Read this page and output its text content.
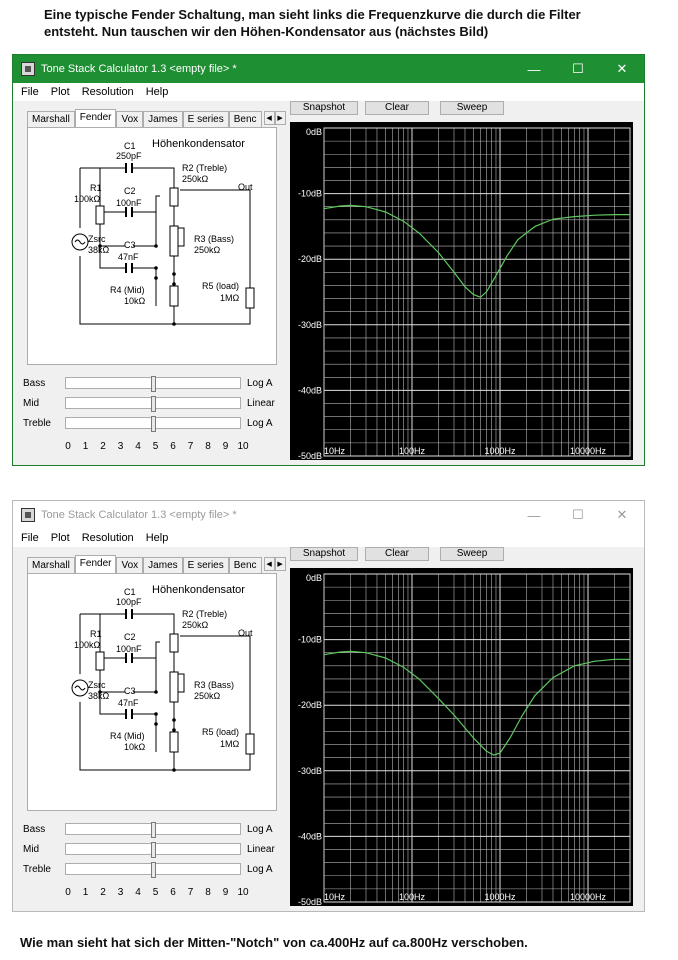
Eine typische Fender Schaltung, man sieht links die Frequenzkurve die durch die Filter entsteht. Nun tauschen wir den Höhen-Kondensator aus (nächstes Bild)
Tone Stack Calculator 1.3 <empty file> *	—	☐	✕
File Plot Resolution Help
Marshall	Fender	Vox	James	E series	Benc	◀ ▶
Snapshot	Clear	Sweep
Höhenkondensator
C1
250pF
R2 (Treble)
250kΩ
Out
R1
100kΩ
C2
100nF
R3 (Bass)
250kΩ
Zsrc
38kΩ C3
47nF
R4 (Mid)
10kΩ
R5 (load)
1MΩ
Bass	Log A
Mid	Linear
Treble	Log A
0 1 2 3 4 5 6 7 8 9 10
0dB
-10dB
-20dB
-30dB
-40dB
-50dB 10Hz	100Hz	1000Hz	10000Hz
Tone Stack Calculator 1.3 <empty file> *	—	☐	✕
File Plot Resolution Help
Marshall	Fender	Vox	James	E series	Benc	◀ ▶
Snapshot	Clear	Sweep
Höhenkondensator
C1
100pF
R2 (Treble)
250kΩ
Out
R1
100kΩ
C2
100nF
R3 (Bass)
250kΩ
Zsrc
38kΩ C3
47nF
R4 (Mid)
10kΩ
R5 (load)
1MΩ
Bass	Log A
Mid	Linear
Treble	Log A
0 1 2 3 4 5 6 7 8 9 10
0dB
-10dB
-20dB
-30dB
-40dB
-50dB 10Hz	100Hz	1000Hz	10000Hz
Wie man sieht hat sich der Mitten-"Notch" von ca.400Hz auf ca.800Hz verschoben.
